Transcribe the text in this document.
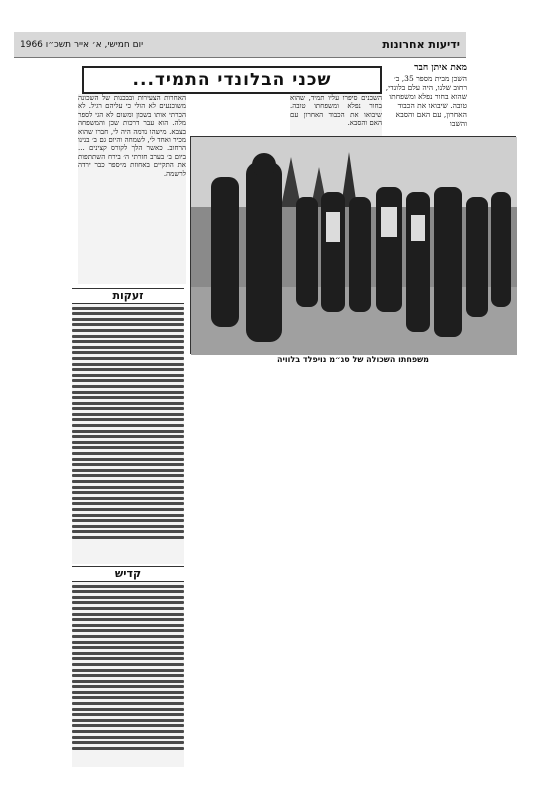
ידיעות אחרונות
יום חמישי, א׳ אייר תשכ״ו 1966
שכני הבלונדי התמיד...
מאת איתן חבר
השכן מבית מספר 35, ב׳ רחוב שלנו, היה עלם בלונדי, שהוא בחור נפלא ומשפחתו טובה. שיבואו את הכבוד האחרון, עם האם והסבא והשבו
השכנים סיפרו עליו תמיד, שהוא בחור נפלא ומשפחתו טובה. שיבואו את הכבוד האחרון עם האם והסבא.
האחרות הצעירות ובבכנות של השכונה משוכנעים לא הולי כי עליהם רגיל. לא הכרתי אותו בשכון ומשום לא הגי לספר מלה. הוא עבר דרכות שכן והמשפחה בצבא. מישהו נדמה היה לי, חברו שהוא מכיר ואחד לי, לשמחה והיום גם ב׳ בנינו הרחוב. כאשר הלך לקורס קצינים ... ביום ב׳ בערב חזרתי ה׳ בירח השתתפות את התקיים באחוזת מ״ספר כבר ירדה לרשמה.
משפחתו השכולה של סג״מ נויפלד בלוויה
זעקות
קדיש
